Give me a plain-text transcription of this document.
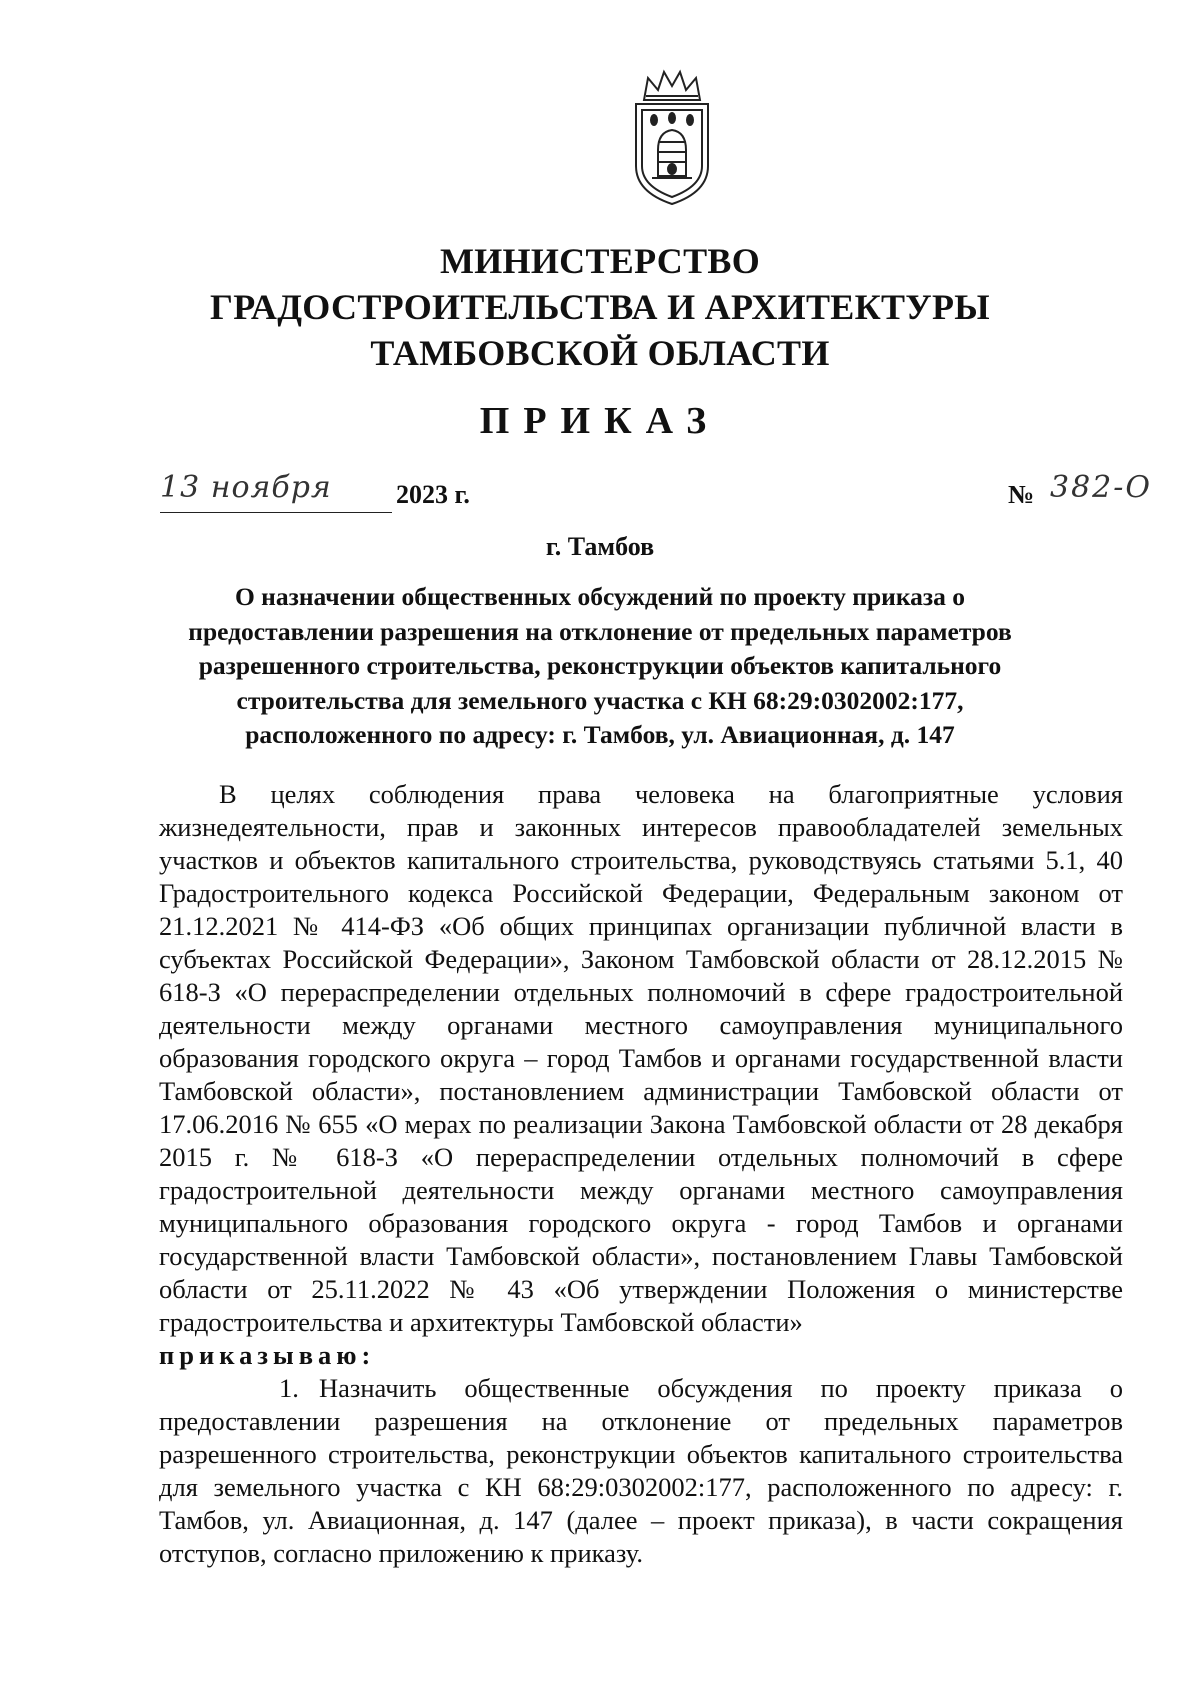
МИНИСТЕРСТВО
ГРАДОСТРОИТЕЛЬСТВА И АРХИТЕКТУРЫ
ТАМБОВСКОЙ ОБЛАСТИ
ПРИКАЗ
13 ноября	2023 г.	№ 382-О
г. Тамбов
О назначении общественных обсуждений по проекту приказа о
предоставлении разрешения на отклонение от предельных параметров
разрешенного строительства, реконструкции объектов капитального
строительства для земельного участка с КН 68:29:0302002:177,
расположенного по адресу: г. Тамбов, ул. Авиационная, д. 147

В целях соблюдения права человека на благоприятные условия жизнедеятельности, прав и законных интересов правообладателей земельных участков и объектов капитального строительства, руководствуясь статьями 5.1, 40 Градостроительного кодекса Российской Федерации, Федеральным законом от 21.12.2021 № 414-ФЗ «Об общих принципах организации публичной власти в субъектах Российской Федерации», Законом Тамбовской области от 28.12.2015 № 618-З «О перераспределении отдельных полномочий в сфере градостроительной деятельности между органами местного самоуправления муниципального образования городского округа – город Тамбов и органами государственной власти Тамбовской области», постановлением администрации Тамбовской области от 17.06.2016 № 655 «О мерах по реализации Закона Тамбовской области от 28 декабря 2015 г. № 618-З «О перераспределении отдельных полномочий в сфере градостроительной деятельности между органами местного самоуправления муниципального образования городского округа - город Тамбов и органами государственной власти Тамбовской области», постановлением Главы Тамбовской области от 25.11.2022 № 43 «Об утверждении Положения о министерстве градостроительства и архитектуры Тамбовской области»

приказываю:

1. Назначить общественные обсуждения по проекту приказа о предоставлении разрешения на отклонение от предельных параметров разрешенного строительства, реконструкции объектов капитального строительства для земельного участка с КН 68:29:0302002:177, расположенного по адресу: г. Тамбов, ул. Авиационная, д. 147 (далее – проект приказа), в части сокращения отступов, согласно приложению к приказу.
